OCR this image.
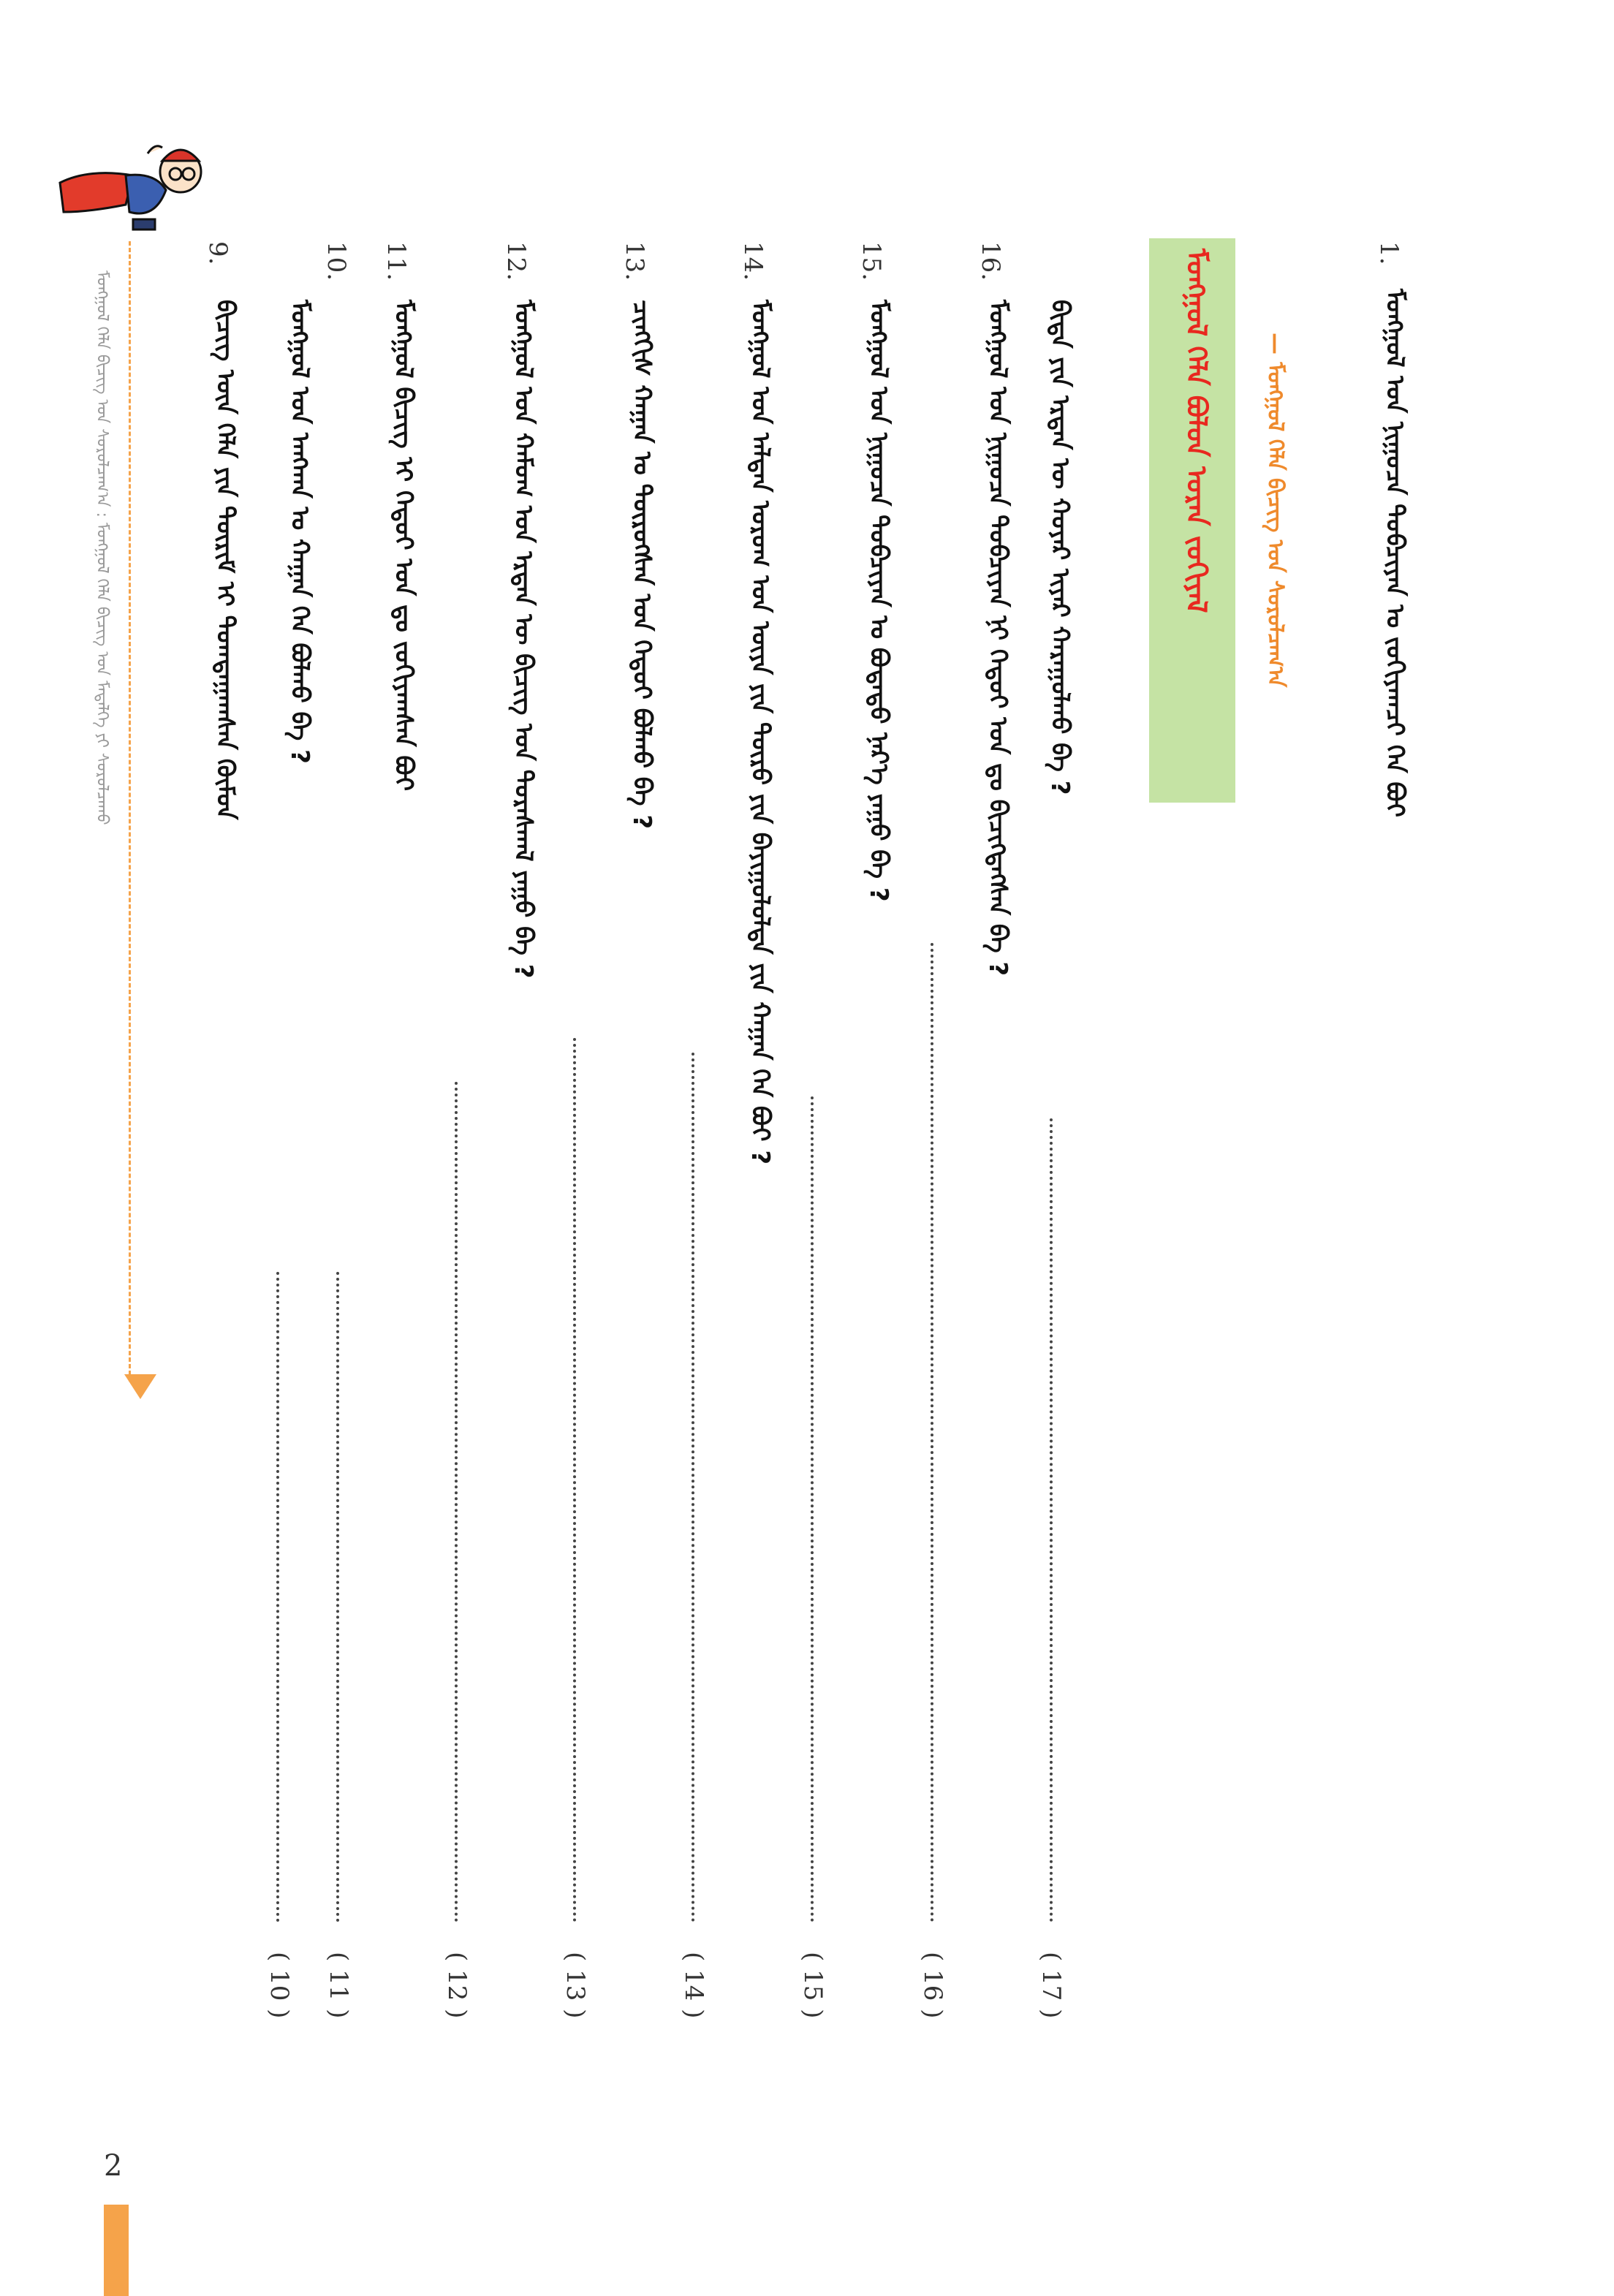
ᠮᠣᠩᠭᠣᠯ ᠬᠡᠯᠡ ᠪᠣᠯᠣᠨ ᠤᠷᠠᠨ ᠵᠣᠬᠢᠶᠠᠯ	— ᠮᠣᠩᠭᠣᠯ ᠬᠡᠯᠡ ᠪᠢᠴᠢᠭ ᠤᠨ ᠰᠤᠷᠤᠯᠴᠠᠭ᠎ᠠ
1.
ᠮᠣᠩᠭᠣᠯ ᠤᠨ ᠨᠢᠭᠤᠴᠠ ᠲᠣᠪᠴᠢᠶᠠᠨ ᠤ ᠵᠣᠬᠢᠶᠠᠭᠴᠢ ᠬᠡᠨ ᠪᠤᠢ
ᠪᠢᠳᠡ ᠶᠢᠨ ᠡᠷᠲᠡᠨ ᠦ ᠬᠣᠶᠠᠷ ᠢᠶᠡᠷ ᠬᠠᠷᠠᠭᠤᠯᠬᠤ ᠪᠡ ?
( 17 )
16.
ᠮᠣᠩᠭᠣᠯ ᠤᠨ ᠨᠢᠭᠤᠴᠠ ᠲᠣᠪᠴᠢᠶᠠᠨ ᠨᠢ ᠬᠡᠳᠦᠢ ᠣᠨ ᠳᠤ ᠪᠢᠴᠢᠭᠳᠡᠭᠰᠡᠨ ᠪᠡ ?
( 16 )
15.
ᠮᠣᠩᠭᠣᠯ ᠤᠨ ᠨᠢᠭᠤᠴᠠ ᠲᠣᠪᠴᠢᠶᠠᠨ ᠤ ᠪᠣᠳᠠᠲᠤ ᠨᠡᠷ᠎ᠡ ᠶᠠᠭᠤ ᠪᠡ ?
( 15 )
14.
ᠮᠣᠩᠭᠣᠯ ᠤᠨ ᠠᠯᠲᠠᠨ ᠤᠷᠤᠭ ᠤᠨ ᠦᠶᠡ ᠶᠢᠨ ᠲᠦᠷᠦ ᠶᠢᠨ ᠪᠠᠶᠢᠭᠤᠯᠤᠯᠲᠠ ᠶᠢᠨ ᠬᠠᠭᠠᠨ ᠬᠡᠨ ᠪᠤᠢ ?
( 14 )
13.
ᠴᠢᠩᠭᠢᠰ ᠬᠠᠭᠠᠨ ᠤ ᠲᠦᠷᠦᠭᠰᠡᠨ ᠣᠨ ᠬᠡᠳᠦᠢ ᠪᠣᠯᠬᠤ ᠪᠡ ?
( 13 )
12.
ᠮᠣᠩᠭᠣᠯ ᠤᠨ ᠬᠠᠮᠤᠭ ᠤᠨ ᠡᠷᠲᠡᠨ ᠦ ᠪᠢᠴᠢᠭ ᠤᠨ ᠳᠤᠷᠠᠰᠬᠠᠯ ᠶᠠᠭᠤ ᠪᠡ ?
( 12 )
11.
ᠮᠣᠩᠭᠣᠯ ᠪᠢᠴᠢᠭ ᠢ ᠬᠡᠳᠦᠢ ᠣᠨ ᠳᠤ ᠵᠣᠬᠢᠶᠠᠭᠰᠠᠨ ᠪᠤᠢ
( 11 )
10.
ᠮᠣᠩᠭᠣᠯ ᠤᠨ ᠠᠩᠬᠠᠨ ᠤ ᠬᠠᠭᠠᠨ ᠬᠡᠨ ᠪᠣᠯᠬᠤ ᠪᠡ ?
( 10 )
9.
ᠪᠢᠴᠢᠭ ᠦᠨ ᠬᠡᠯᠡ ᠶᠢᠨ ᠳᠦᠷᠢᠮ ᠢ ᠲᠣᠭᠲᠠᠭᠠᠭᠰᠠᠨ ᠬᠦᠮᠦᠨ
ᠮᠣᠩᠭᠣᠯ ᠬᠡᠯᠡ ᠪᠢᠴᠢᠭ ᠤᠨ ᠰᠤᠷᠤᠯᠴᠠᠭ᠎ᠠ : ᠮᠣᠩᠭᠣᠯ ᠬᠡᠯᠡ ᠪᠢᠴᠢᠭ ᠤᠨ ᠮᠡᠳᠡᠯᠭᠡ ᠶᠢ ᠰᠤᠷᠤᠯᠴᠠᠬᠤ
2
